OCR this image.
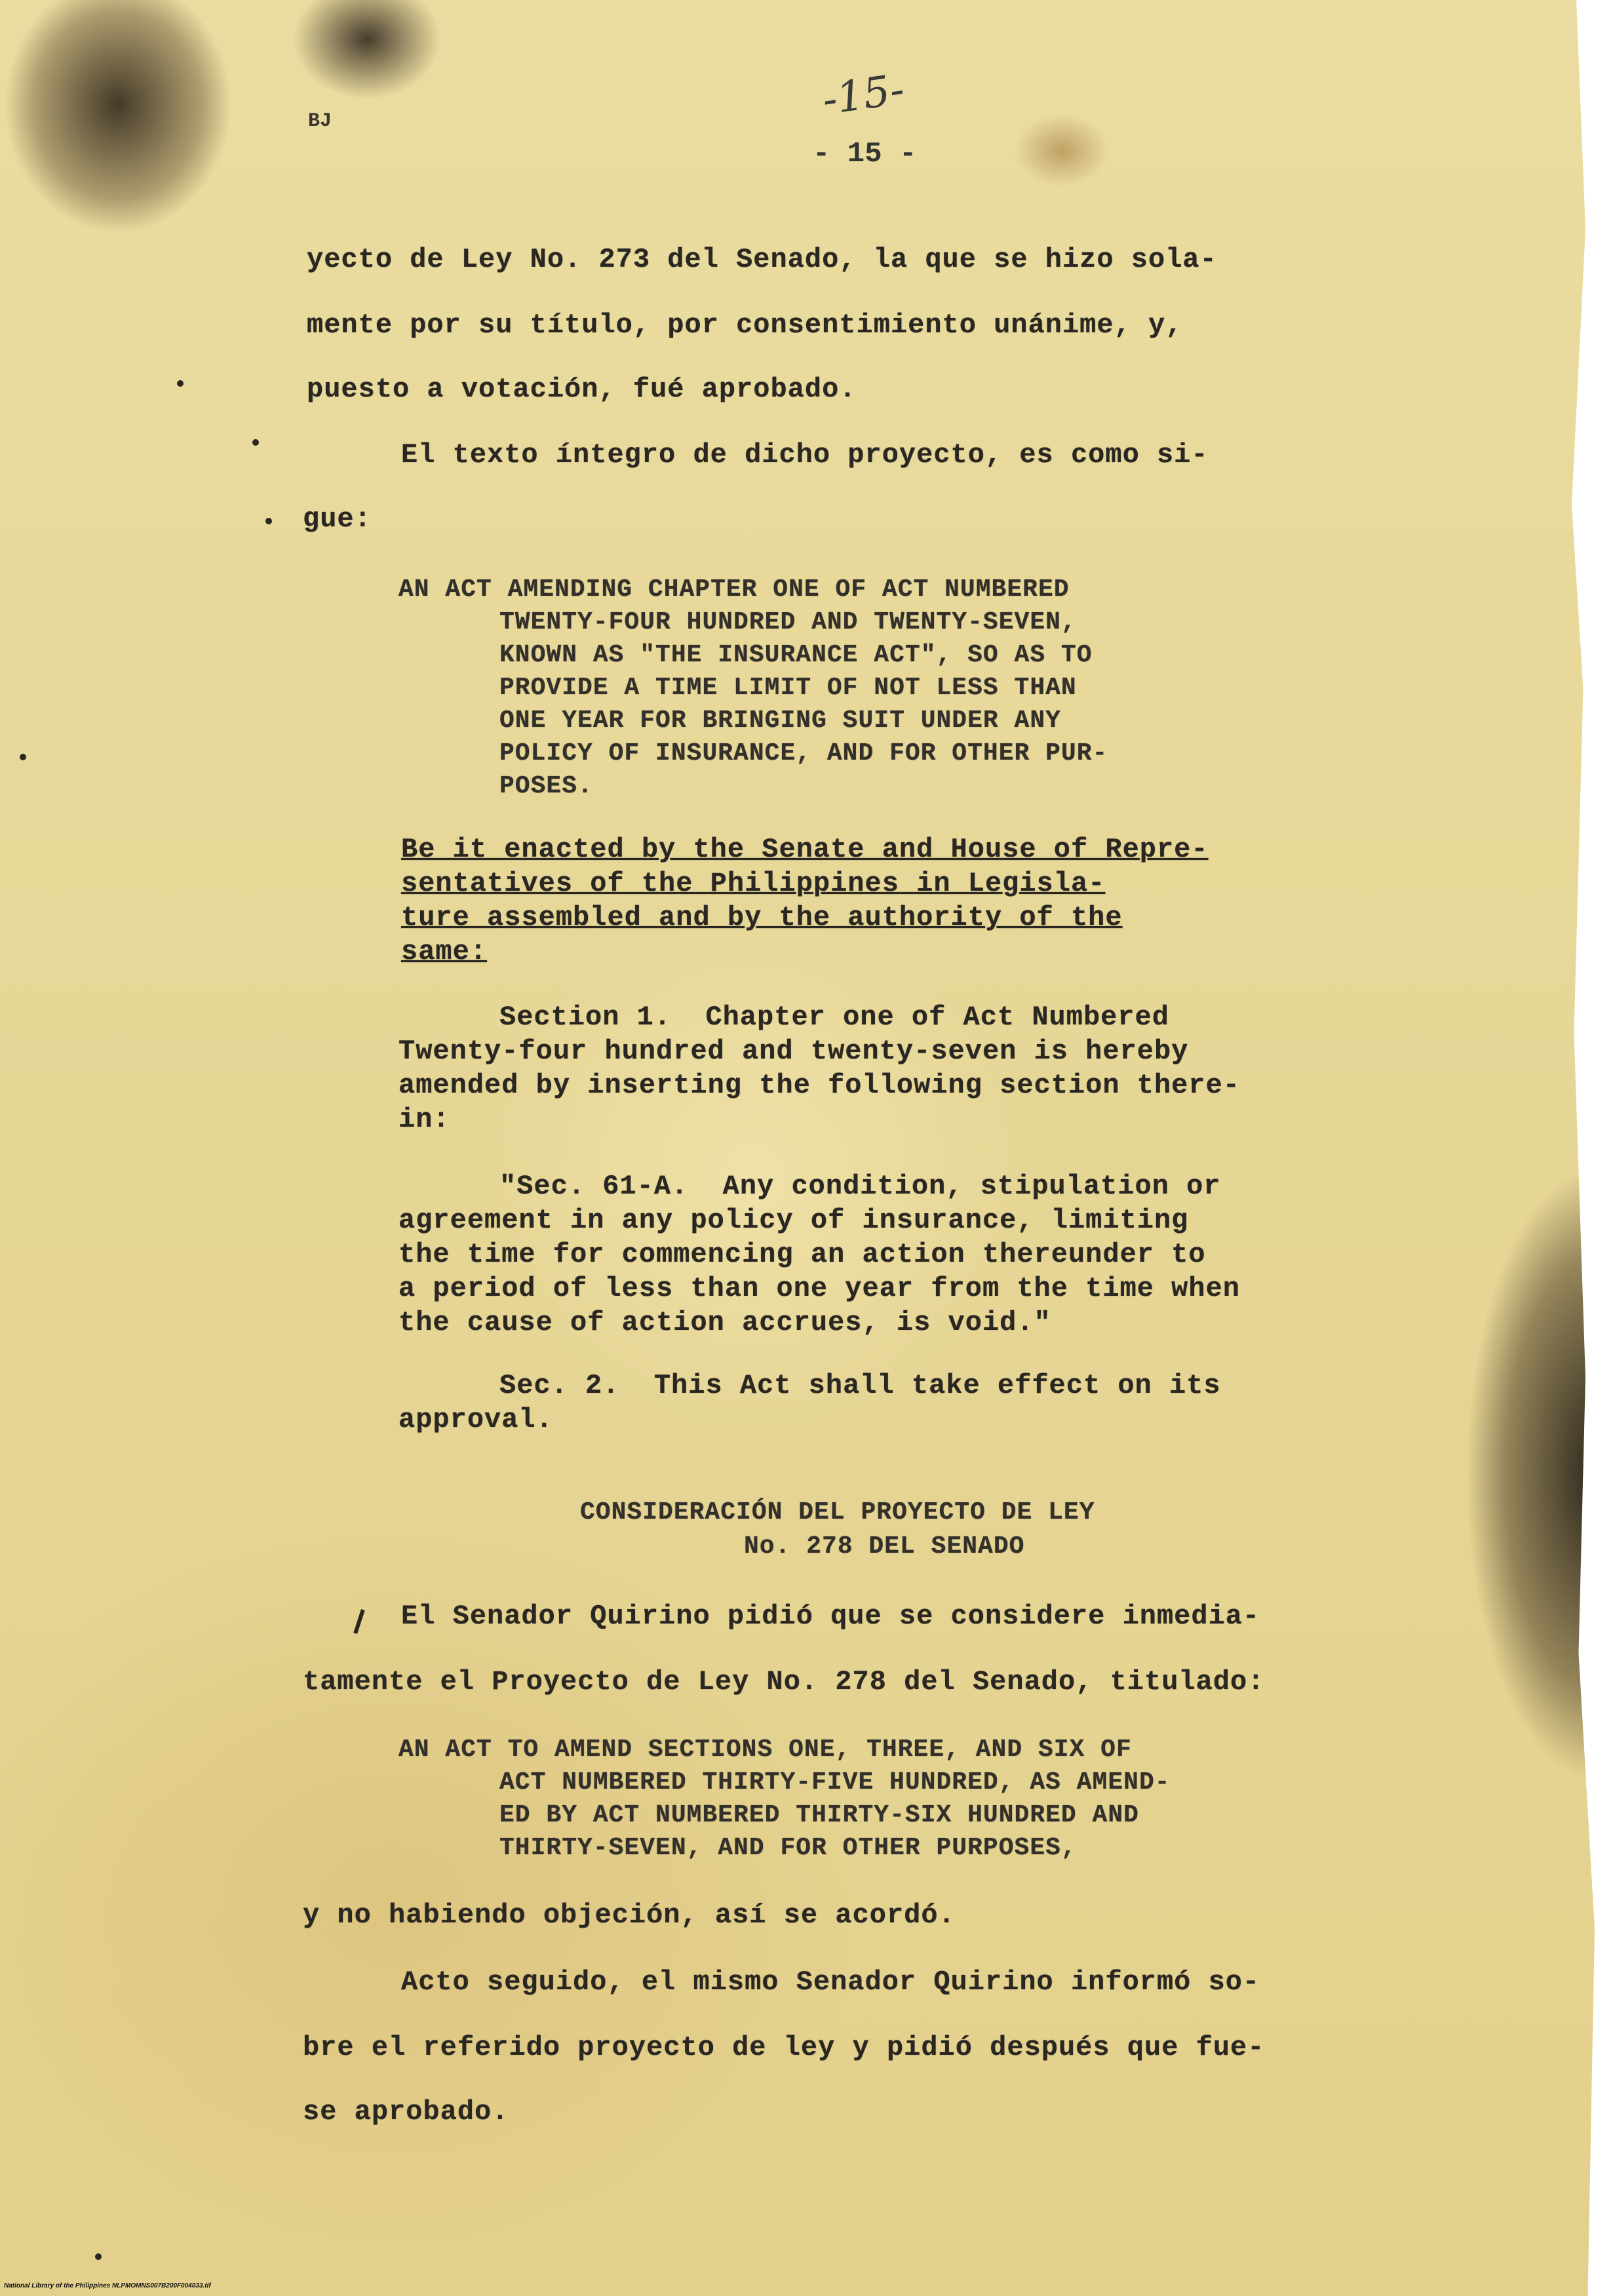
BJ	-15-
- 15 -
yecto de Ley No. 273 del Senado, la que se hizo sola-
mente por su título, por consentimiento unánime, y,
puesto a votación, fué aprobado.
El texto íntegro de dicho proyecto, es como si-
gue:
AN ACT AMENDING CHAPTER ONE OF ACT NUMBERED
TWENTY-FOUR HUNDRED AND TWENTY-SEVEN,
KNOWN AS "THE INSURANCE ACT", SO AS TO
PROVIDE A TIME LIMIT OF NOT LESS THAN
ONE YEAR FOR BRINGING SUIT UNDER ANY
POLICY OF INSURANCE, AND FOR OTHER PUR-
POSES.
Be it enacted by the Senate and House of Repre-
sentatives of the Philippines in Legisla-
ture assembled and by the authority of the
same:
Section 1.  Chapter one of Act Numbered
Twenty-four hundred and twenty-seven is hereby
amended by inserting the following section there-
in:
"Sec. 61-A.  Any condition, stipulation or
agreement in any policy of insurance, limiting
the time for commencing an action thereunder to
a period of less than one year from the time when
the cause of action accrues, is void."
Sec. 2.  This Act shall take effect on its
approval.
CONSIDERACIÓN DEL PROYECTO DE LEY
No. 278 DEL SENADO
El Senador Quirino pidió que se considere inmedia-
tamente el Proyecto de Ley No. 278 del Senado, titulado:
AN ACT TO AMEND SECTIONS ONE, THREE, AND SIX OF
ACT NUMBERED THIRTY-FIVE HUNDRED, AS AMEND-
ED BY ACT NUMBERED THIRTY-SIX HUNDRED AND
THIRTY-SEVEN, AND FOR OTHER PURPOSES,
y no habiendo objeción, así se acordó.
Acto seguido, el mismo Senador Quirino informó so-
bre el referido proyecto de ley y pidió después que fue-
se aprobado.
National Library of the Philippines NLPMOMNS007B200F004033.tif
